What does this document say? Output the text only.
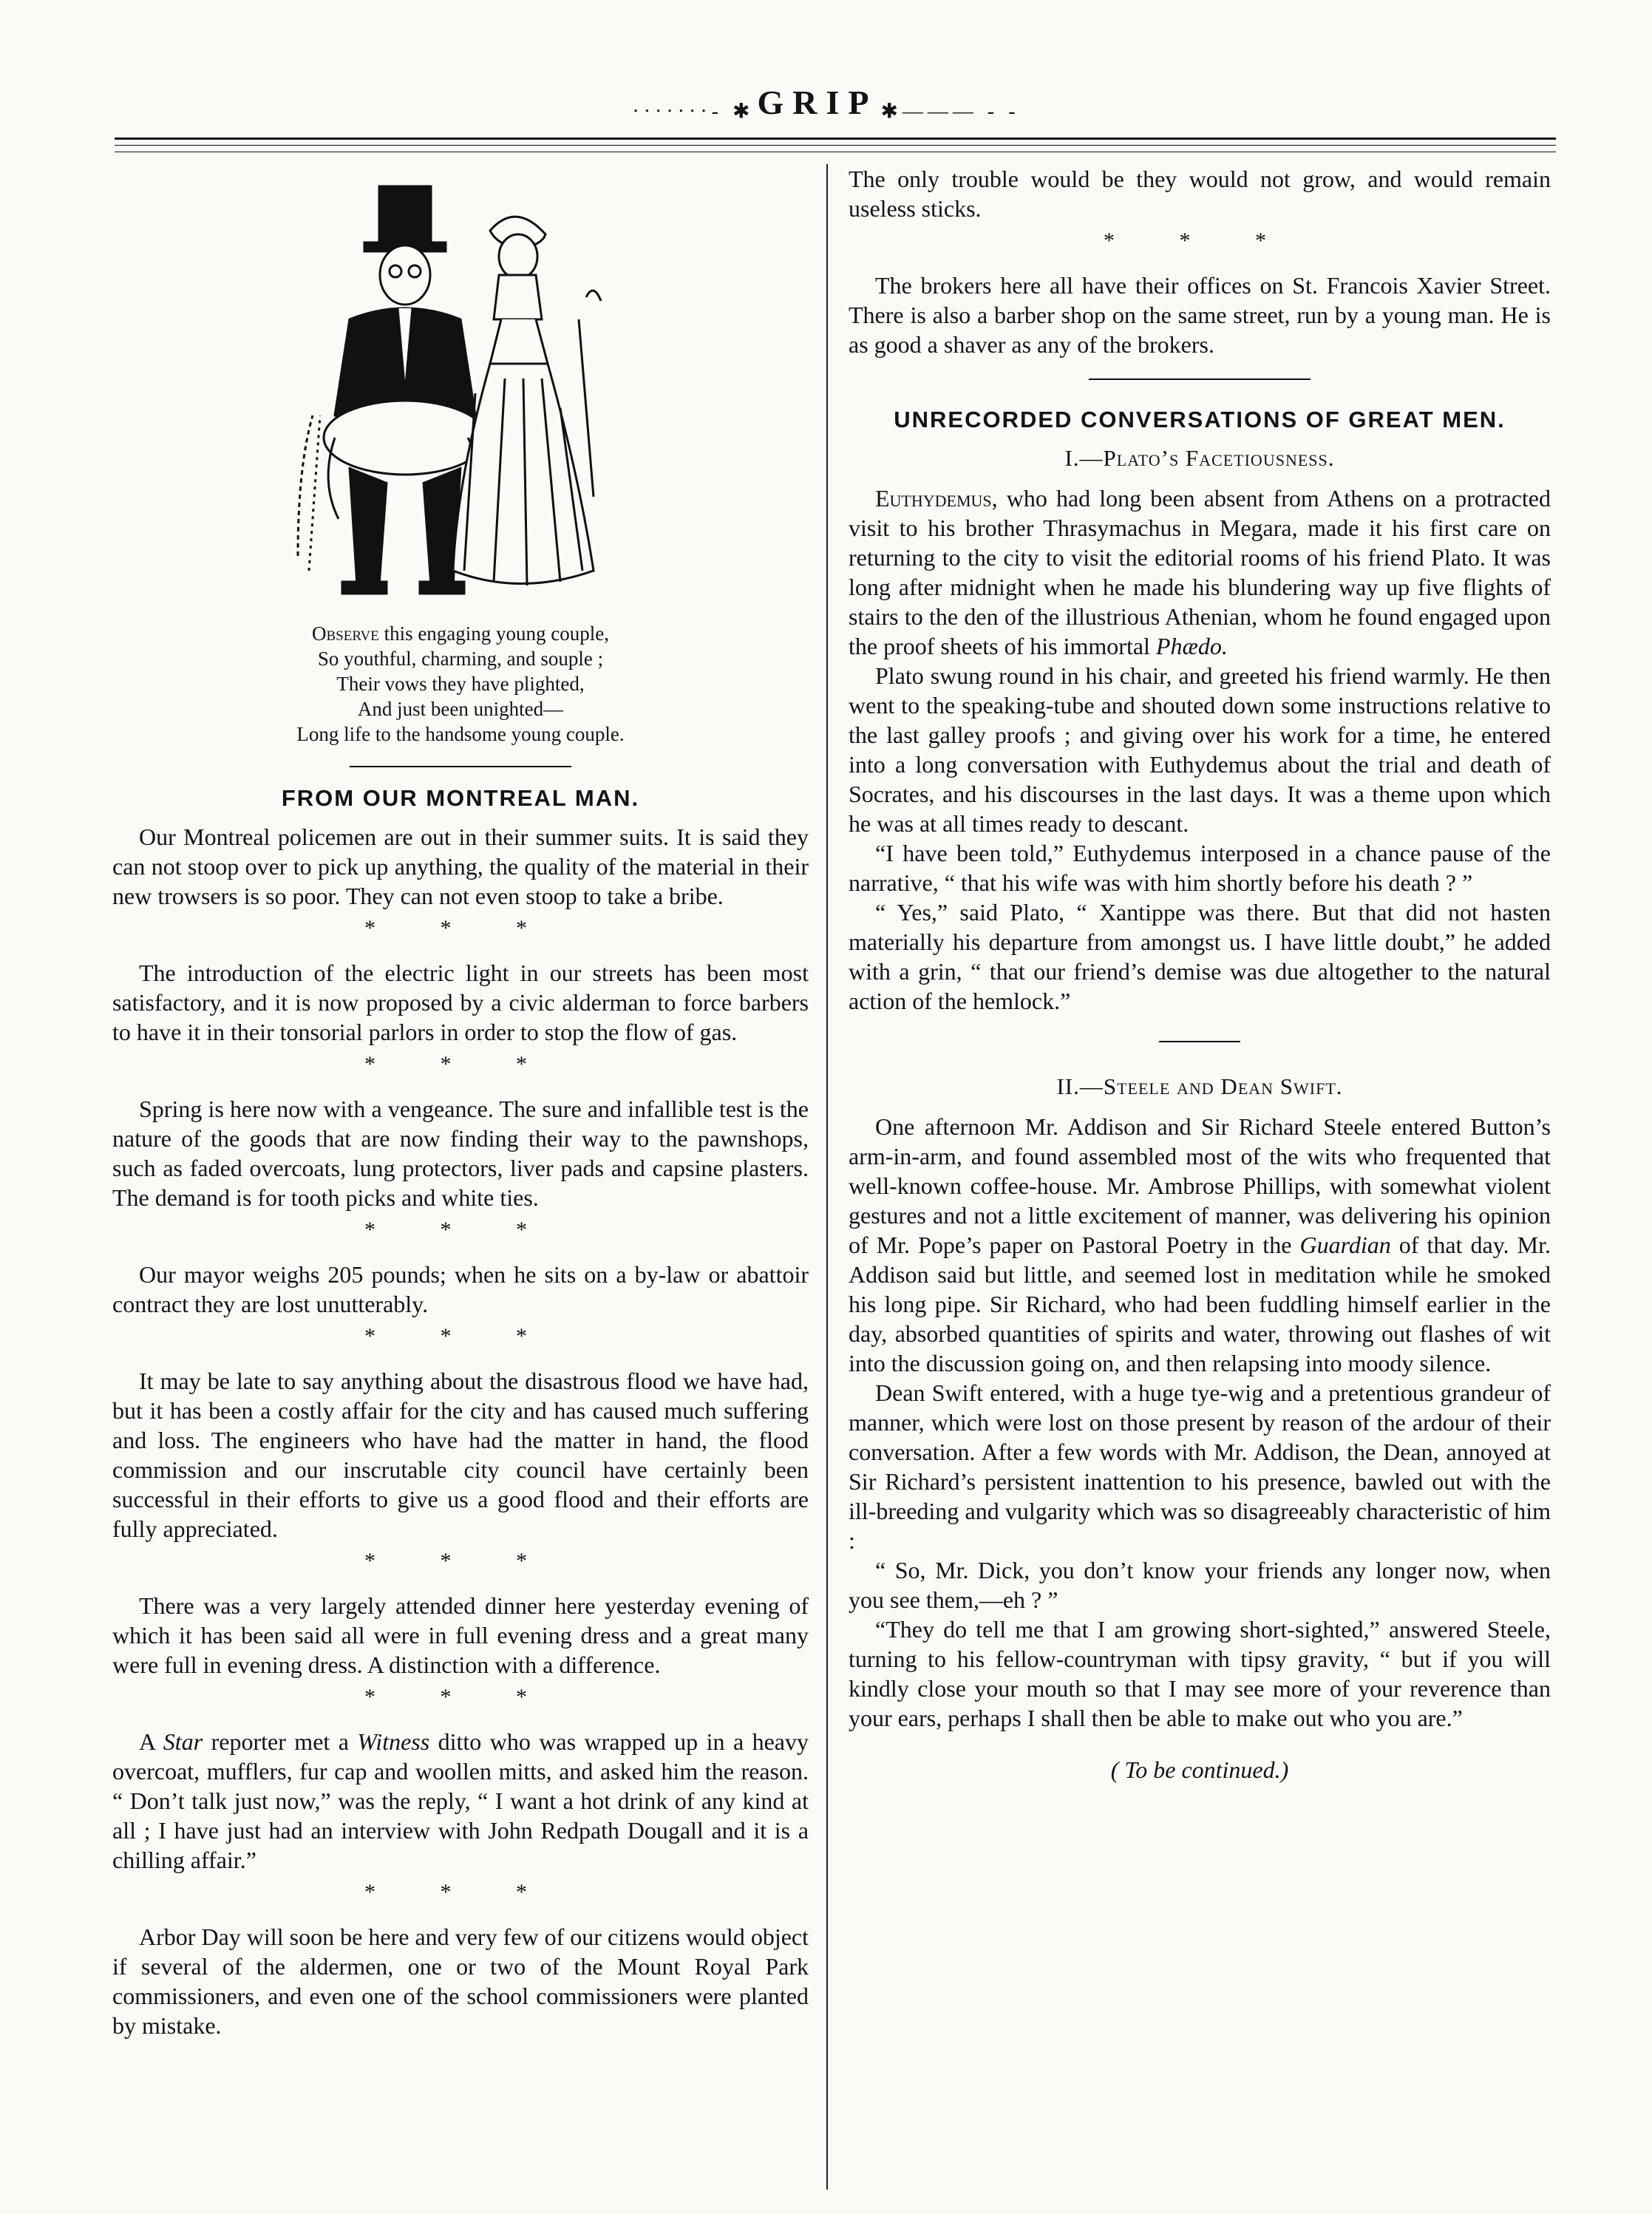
·······- ✱ GRIP ✱——— - -
Observe this engaging young couple,
So youthful, charming, and souple ;
Their vows they have plighted,
And just been unighted—
Long life to the handsome young couple.
FROM OUR MONTREAL MAN.

Our Montreal policemen are out in their summer suits. It is said they can not stoop over to pick up anything, the quality of the material in their new trowsers is so poor. They can not even stoop to take a bribe.

* * *

The introduction of the electric light in our streets has been most satisfactory, and it is now proposed by a civic alderman to force barbers to have it in their tonsorial parlors in order to stop the flow of gas.

* * *

Spring is here now with a vengeance. The sure and infallible test is the nature of the goods that are now finding their way to the pawnshops, such as faded overcoats, lung protectors, liver pads and capsine plasters. The demand is for tooth picks and white ties.

* * *

Our mayor weighs 205 pounds; when he sits on a by-law or abattoir contract they are lost unutterably.

* * *

It may be late to say anything about the disastrous flood we have had, but it has been a costly affair for the city and has caused much suffering and loss. The engineers who have had the matter in hand, the flood commission and our inscrutable city council have certainly been successful in their efforts to give us a good flood and their efforts are fully appreciated.

* * *

There was a very largely attended dinner here yesterday evening of which it has been said all were in full evening dress and a great many were full in evening dress. A distinction with a difference.

* * *

A Star reporter met a Witness ditto who was wrapped up in a heavy overcoat, mufflers, fur cap and woollen mitts, and asked him the reason. “ Don’t talk just now,” was the reply, “ I want a hot drink of any kind at all ; I have just had an interview with John Redpath Dougall and it is a chilling affair.”

* * *

Arbor Day will soon be here and very few of our citizens would object if several of the aldermen, one or two of the Mount Royal Park commissioners, and even one of the school commissioners were planted by mistake.

The only trouble would be they would not grow, and would remain useless sticks.

* * *

The brokers here all have their offices on St. Francois Xavier Street. There is also a barber shop on the same street, run by a young man. He is as good a shaver as any of the brokers.

UNRECORDED CONVERSATIONS OF GREAT MEN.
I.—Plato’s Facetiousness.

Euthydemus, who had long been absent from Athens on a protracted visit to his brother Thrasymachus in Megara, made it his first care on returning to the city to visit the editorial rooms of his friend Plato. It was long after midnight when he made his blundering way up five flights of stairs to the den of the illustrious Athenian, whom he found engaged upon the proof sheets of his immortal Phædo.

Plato swung round in his chair, and greeted his friend warmly. He then went to the speaking-tube and shouted down some instructions relative to the last galley proofs ; and giving over his work for a time, he entered into a long conversation with Euthydemus about the trial and death of Socrates, and his discourses in the last days. It was a theme upon which he was at all times ready to descant.

“I have been told,” Euthydemus interposed in a chance pause of the narrative, “ that his wife was with him shortly before his death ? ”

“ Yes,” said Plato, “ Xantippe was there. But that did not hasten materially his departure from amongst us. I have little doubt,” he added with a grin, “ that our friend’s demise was due altogether to the natural action of the hemlock.”

II.—Steele and Dean Swift.

One afternoon Mr. Addison and Sir Richard Steele entered Button’s arm-in-arm, and found assembled most of the wits who frequented that well-known coffee-house. Mr. Ambrose Phillips, with somewhat violent gestures and not a little excitement of manner, was delivering his opinion of Mr. Pope’s paper on Pastoral Poetry in the Guardian of that day. Mr. Addison said but little, and seemed lost in meditation while he smoked his long pipe. Sir Richard, who had been fuddling himself earlier in the day, absorbed quantities of spirits and water, throwing out flashes of wit into the discussion going on, and then relapsing into moody silence.

Dean Swift entered, with a huge tye-wig and a pretentious grandeur of manner, which were lost on those present by reason of the ardour of their conversation. After a few words with Mr. Addison, the Dean, annoyed at Sir Richard’s persistent inattention to his presence, bawled out with the ill-breeding and vulgarity which was so disagreeably characteristic of him :

“ So, Mr. Dick, you don’t know your friends any longer now, when you see them,—eh ? ”

“They do tell me that I am growing short-sighted,” answered Steele, turning to his fellow-countryman with tipsy gravity, “ but if you will kindly close your mouth so that I may see more of your reverence than your ears, perhaps I shall then be able to make out who you are.”

( To be continued.)
